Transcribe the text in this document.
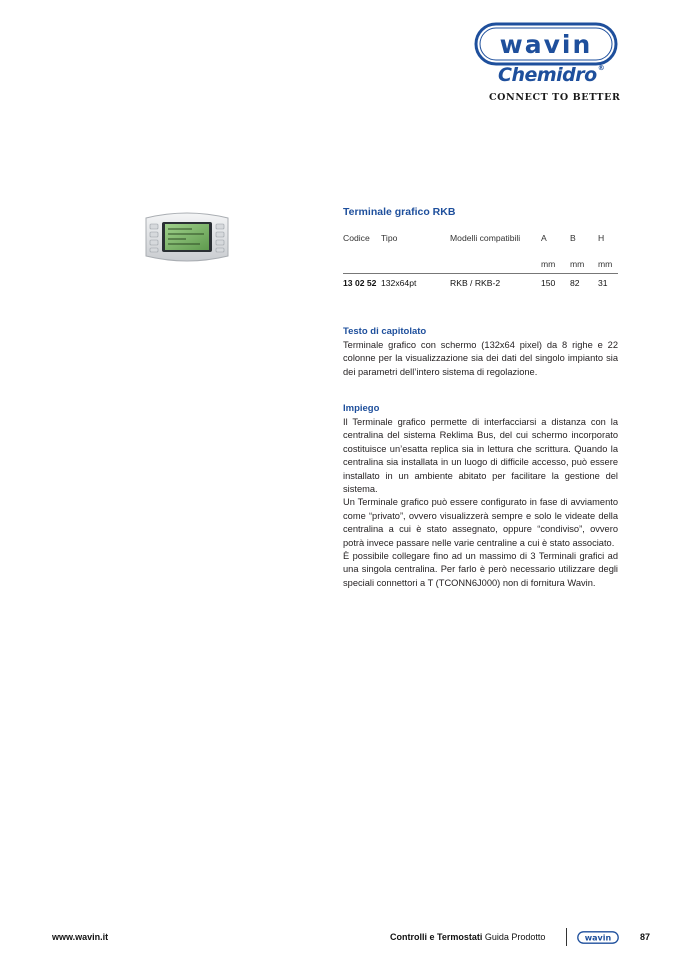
wavin
Chemidro®
CONNECT TO BETTER
Terminale grafico RKB
Codice	Tipo	Modelli compatibili	A	B	H
			mm	mm	mm

13 02 52	132x64pt	RKB / RKB-2	150	82	31
Testo di capitolato
Terminale grafico con schermo (132x64 pixel) da 8 righe e 22 colonne per la visualizzazione sia dei dati del singolo impianto sia dei parametri dell’intero sistema di regolazione.
Impiego

Il Terminale grafico permette di interfacciarsi a distanza con la centralina del sistema Reklima Bus, del cui schermo incorporato costituisce un’esatta replica sia in lettura che scrittura. Quando la centralina sia installata in un luogo di difficile accesso, può essere installato in un ambiente abitato per facilitare la gestione del sistema.

Un Terminale grafico può essere configurato in fase di avviamento come “privato”, ovvero visualizzerà sempre e solo le videate della centralina a cui è stato assegnato, oppure “condiviso”, ovvero potrà invece passare nelle varie centraline a cui è stato associato.

È possibile collegare fino ad un massimo di 3 Terminali grafici ad una singola centralina. Per farlo è però necessario utilizzare degli speciali connettori a T (TCONN6J000) non di fornitura Wavin.

www.wavin.it	Controlli e Termostati Guida Prodotto	wavin	87
